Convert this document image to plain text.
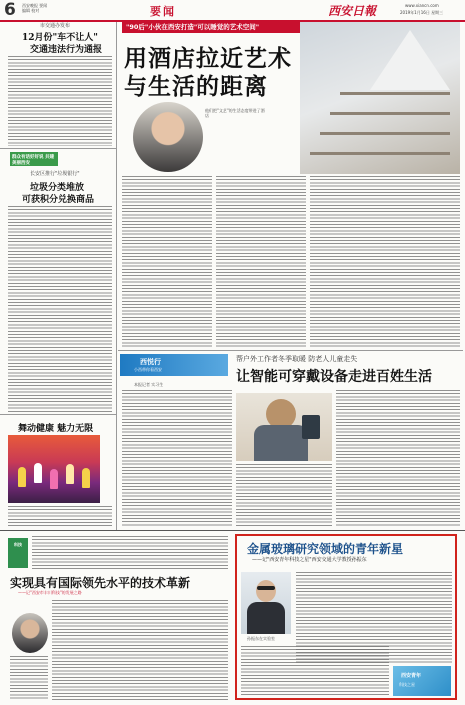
6 西安晚报 要闻
编辑 校对	要闻	西安日報	www.xiancn.com
2019年1月16日 星期三
市交通办发布
12月份"车不让人"
交通违法行为通报
群众有话好好说 共建美丽西安
长安区推行"垃圾银行"
垃圾分类堆放
可获积分兑换商品
舞动健康 魅力无限
"90后"小伙在西安打造"可以睡觉的艺术空间"
用酒店拉近艺术
与生活的距离
他们把"文艺"的生活态度带进了酒店
西悦行
小西带你看西安
帮户外工作者冬季取暖 防老人儿童走失
让智能可穿戴设备走进百姓生活
本报记者 实习生
科技
实现具有国际领先水平的技术革新
——记"西安市丰川科技"的发展之路
金属玻璃研究领域的青年新星
——记"西安青年科技之星"西安交通大学教授孙振东
孙振东在实验室
西安青年
科技之星
